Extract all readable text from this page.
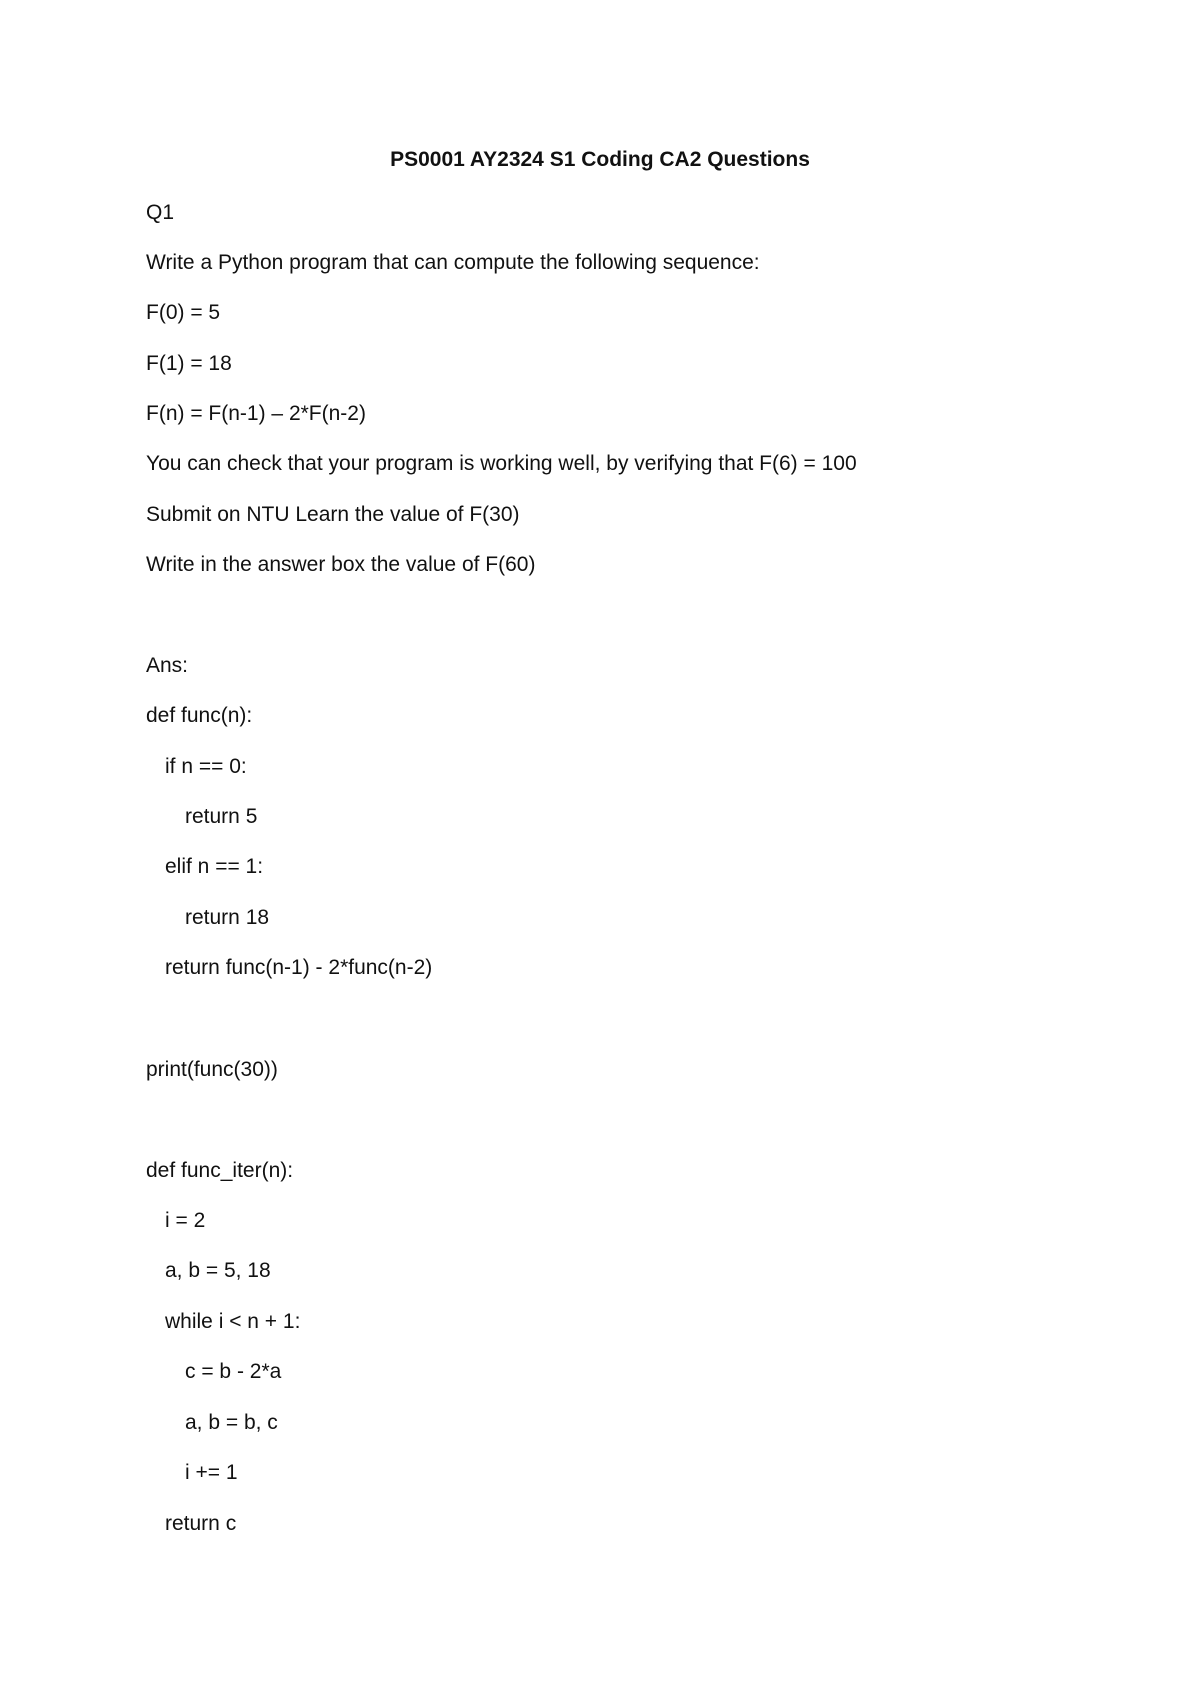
PS0001 AY2324 S1 Coding CA2 Questions
Q1
Write a Python program that can compute the following sequence:
F(0) = 5
F(1) = 18
F(n) = F(n-1) – 2*F(n-2)
You can check that your program is working well, by verifying that F(6) = 100
Submit on NTU Learn the value of F(30)
Write in the answer box the value of F(60)
Ans:
def func(n):
if n == 0:
return 5
elif n == 1:
return 18
return func(n-1) - 2*func(n-2)
print(func(30))
def func_iter(n):
i = 2
a, b = 5, 18
while i < n + 1:
c = b - 2*a
a, b = b, c
i += 1
return c
